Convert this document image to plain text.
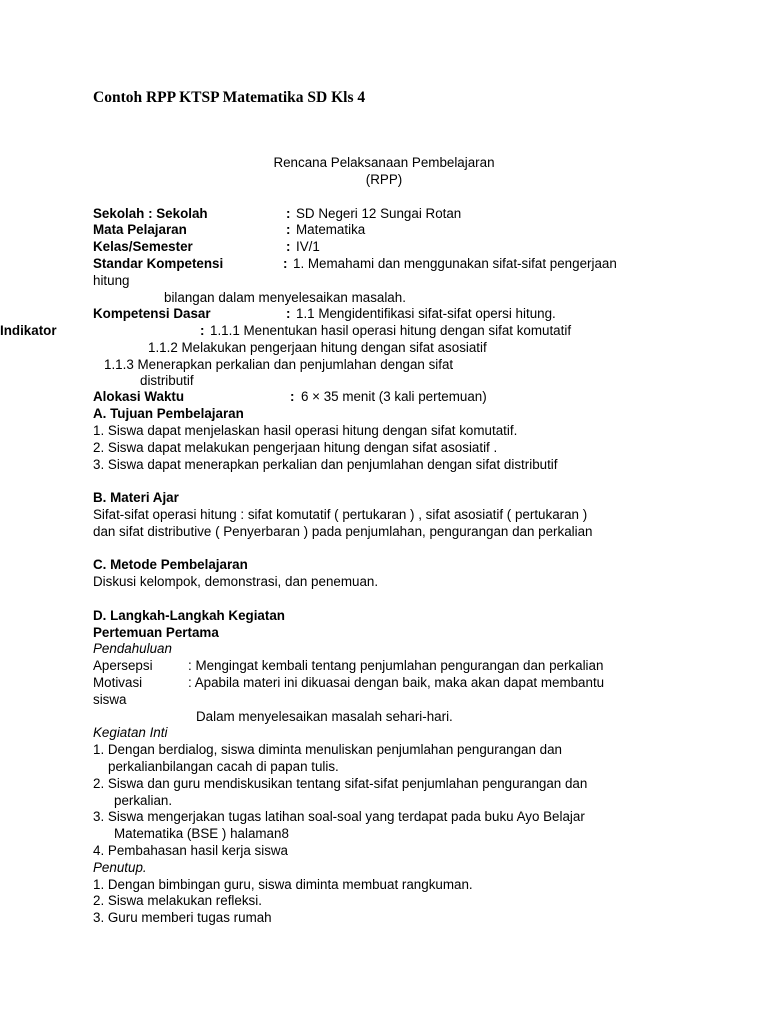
Contoh RPP KTSP Matematika SD Kls 4
Rencana Pelaksanaan Pembelajaran
(RPP)
Sekolah : Sekolah	: SD Negeri 12 Sungai Rotan
Mata Pelajaran	: Matematika
Kelas/Semester	: IV/1
Standar Kompetensi	: 1. Memahami dan menggunakan sifat-sifat pengerjaan
hitung
bilangan dalam menyelesaikan masalah.
Kompetensi Dasar	: 1.1 Mengidentifikasi sifat-sifat opersi hitung.
Indikator	: 1.1.1 Menentukan hasil operasi hitung dengan sifat komutatif
1.1.2 Melakukan pengerjaan hitung dengan sifat asosiatif
1.1.3 Menerapkan perkalian dan penjumlahan dengan sifat
distributif
Alokasi Waktu	: 6 × 35 menit (3 kali pertemuan)
A. Tujuan Pembelajaran
1. Siswa dapat menjelaskan hasil operasi hitung dengan sifat komutatif.
2. Siswa dapat melakukan pengerjaan hitung dengan sifat asosiatif .
3. Siswa dapat menerapkan perkalian dan penjumlahan dengan sifat distributif
B. Materi Ajar
Sifat-sifat operasi hitung : sifat komutatif ( pertukaran ) , sifat asosiatif ( pertukaran )
dan sifat distributive ( Penyerbaran ) pada penjumlahan, pengurangan dan perkalian
C. Metode Pembelajaran
Diskusi kelompok, demonstrasi, dan penemuan.
D. Langkah-Langkah Kegiatan
Pertemuan Pertama
Pendahuluan
Apersepsi	: Mengingat kembali tentang penjumlahan pengurangan dan perkalian
Motivasi	: Apabila materi ini dikuasai dengan baik, maka akan dapat membantu
siswa
Dalam menyelesaikan masalah sehari-hari.
Kegiatan Inti
1. Dengan berdialog, siswa diminta menuliskan penjumlahan pengurangan dan
perkalianbilangan cacah di papan tulis.
2. Siswa dan guru mendiskusikan tentang sifat-sifat penjumlahan pengurangan dan
perkalian.
3. Siswa mengerjakan tugas latihan soal-soal yang terdapat pada buku Ayo Belajar
Matematika (BSE ) halaman8
4. Pembahasan hasil kerja siswa
Penutup.
1. Dengan bimbingan guru, siswa diminta membuat rangkuman.
2. Siswa melakukan refleksi.
3. Guru memberi tugas rumah
